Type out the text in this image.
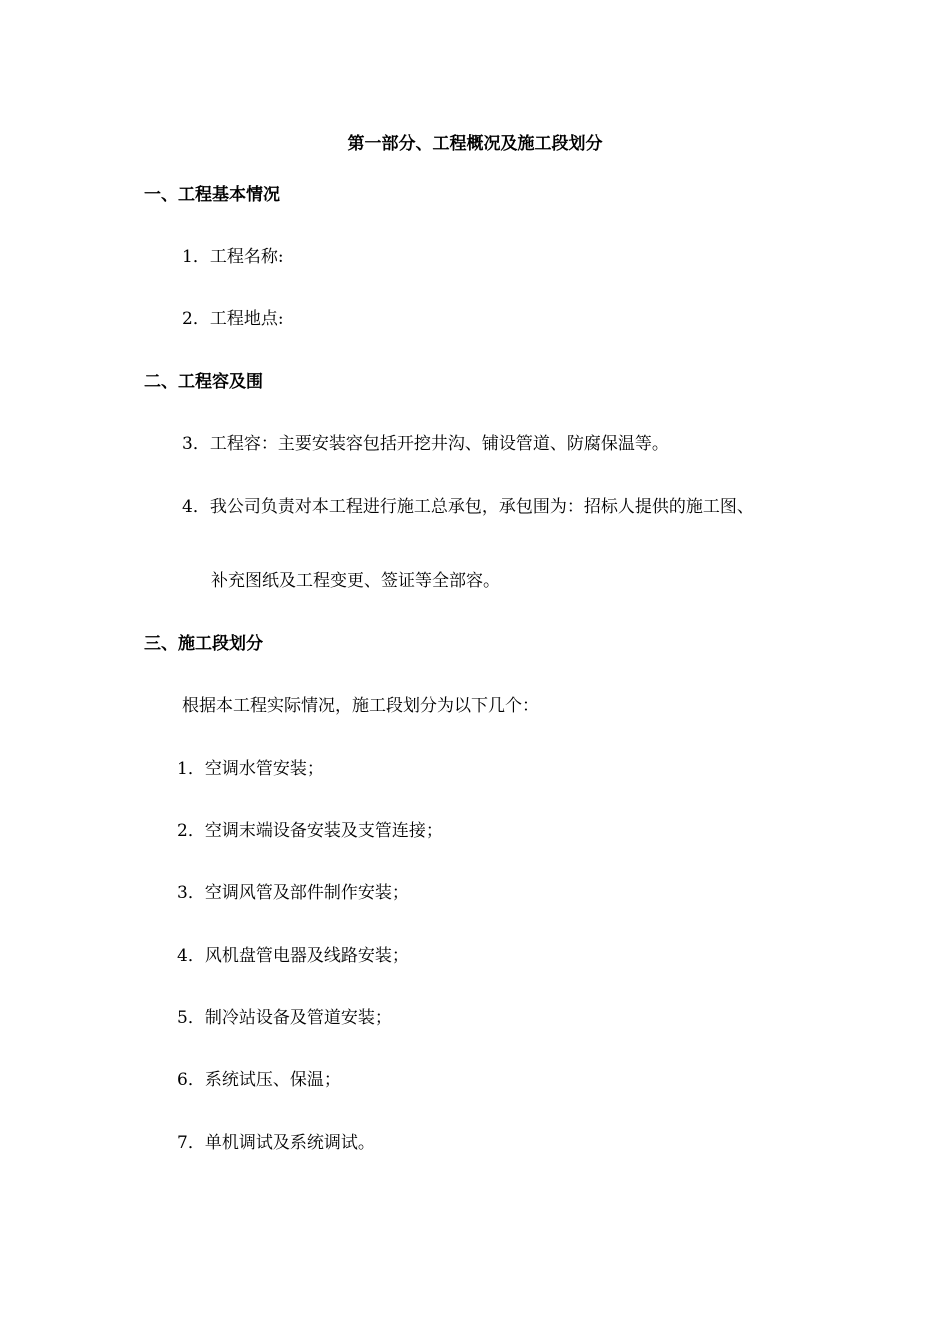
第一部分、工程概况及施工段划分
一、工程基本情况
1．工程名称:
2．工程地点:
二、工程容及围
3．工程容：主要安装容包括开挖井沟、铺设管道、防腐保温等。
4．我公司负责对本工程进行施工总承包，承包围为：招标人提供的施工图、
补充图纸及工程变更、签证等全部容。
三、施工段划分
根据本工程实际情况，施工段划分为以下几个：
1．空调水管安装；
2．空调末端设备安装及支管连接；
3．空调风管及部件制作安装；
4．风机盘管电器及线路安装；
5．制冷站设备及管道安装；
6．系统试压、保温；
7．单机调试及系统调试。
